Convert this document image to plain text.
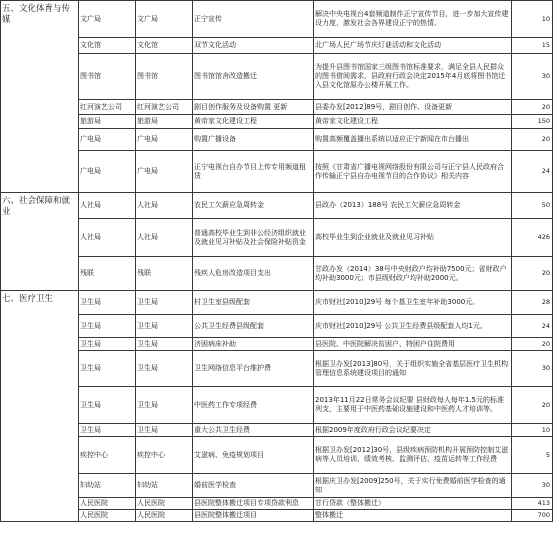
五、文化体育与传媒	文广局	文广局	正宁宣传	解决中央电视台4套频道制作正宁宣传节目，进一步加大宣传建设力度，激发社会各界建设正宁的热情。	10
	文化馆	文化馆	双节文化活动	北广场人民广场节庆灯谜活动和文化活动	15
	图书馆	图书馆	图书馆馆舍改造搬迁	为提升县图书馆国家三级图书馆标准要求，满足全县人民群众的图书借阅需求，县政府行政会决定2015年4月底将图书馆迁入县文化馆原办公楼开展工作。	30
	红河演艺公司	红河演艺公司	剧目创作服务及设备购置 更新	县委办发[2012]89号，剧目创作、设备更新	20
	旅游局	旅游局	黄帝家文化建设工程	黄帝家文化建设工程	150
	广电局	广电局	购置广播设备	购置高频覆盖播出系统以适应正宁新闻在市台播出	20
	广电局	广电局	正宁电视台自办节目上传专用频道租赁	按照《甘肃省广播电视网络股份有限公司与正宁县人民政府合作传输正宁县自办电视节目的合作协议》相关内容	24
六、社会保障和就业	人社局	人社局	农民工欠薪应急周转金	县政办（2013）188号 农民工欠薪应急周转金	50
	人社局	人社局	普通高校毕业生到非公经济组织就业及就业见习补贴及社会保险补贴资金	高校毕业生到企业就业及就业见习补贴	426
	残联	残联	残疾人危房改造项目支出	甘政办发（2014）38号中央财政户均补助7500元；省财政户均补助3000元；市县级财政户均补助2000元。	20
七、医疗卫生	卫生局	卫生局	村卫生室县级配套	庆市财社[2010]29号 每个基卫生室年补助3000元。	28
	卫生局	卫生局	公共卫生经费县级配套	庆市财社[2010]29号 公共卫生经费县级配套人均1元。	24
	卫生局	卫生局	济困病床补助	县医院、中医院解决贫困户、特困户住院费用	20
	卫生局	卫生局	卫生网络信息平台维护费	根据卫办发[2013]80号，关于组织实施全省基层医疗卫生机构管理信息系统建设项目的通知	30
	卫生局	卫生局	中医药工作专项经费	2013年11月22日常务会议纪要 县财政每人每年1.5元的标准列支，主要用于中医药基础设施建设和中医药人才培训等。	20
	卫生局	卫生局	重大公共卫生经费	根据2009年度政府行政会议纪要决定	10
	疾控中心	疾控中心	艾滋病、免疫规划项目	根据卫办发[2012]30号，县级疾病预防机构开展预防控制艾滋病等人员培训、绩效考核、监测评估、疫苗运转等工作经费	5
	妇幼站	妇幼站	婚前医学检查	根据庆卫办发[2009]250号，关于实行免费婚前医学检查的通知	30
	人民医院	人民医院	县医院整体搬迁项目专项贷款利息	甘行贷款（整体搬迁）	413
	人民医院	人民医院	县医院整体搬迁项目	整体搬迁	700
